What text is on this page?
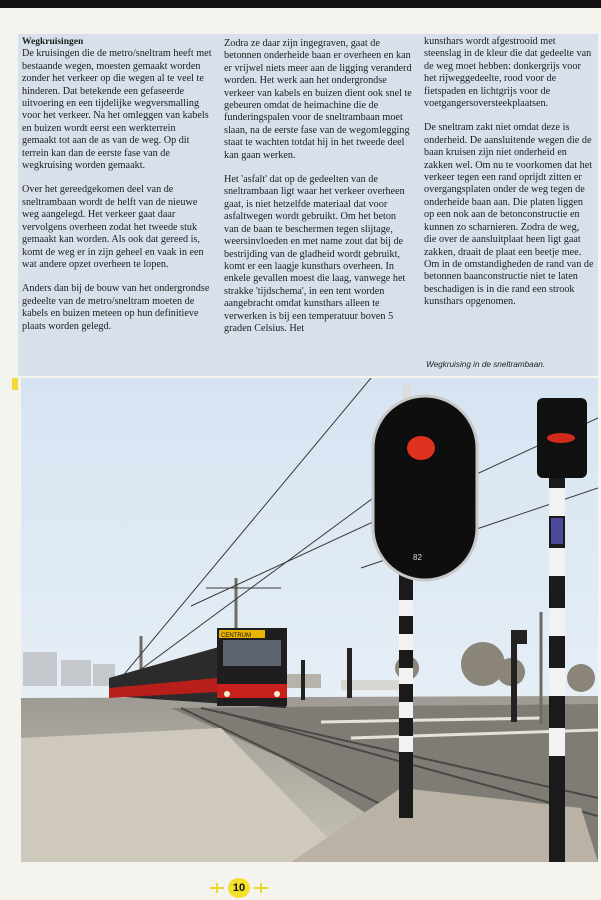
Wegkruisingen
De kruisingen die de metro/sneltram heeft met bestaande wegen, moesten gemaakt worden zonder het verkeer op die wegen al te veel te hinderen. Dat betekende een gefaseerde uitvoering en een tijdelijke wegversmalling voor het verkeer. Na het omleggen van kabels en buizen wordt eerst een werkterrein gemaakt tot aan de as van de weg. Op dit terrein kan dan de eerste fase van de wegkruising worden gemaakt.

Over het gereedgekomen deel van de sneltrambaan wordt de helft van de nieuwe weg aangelegd. Het verkeer gaat daar vervolgens overheen zodat het tweede stuk gemaakt kan worden. Als ook dat gereed is, komt de weg er in zijn geheel en vaak in een wat andere opzet overheen te lopen.

Anders dan bij de bouw van het ondergrondse gedeelte van de metro/sneltram moeten de kabels en buizen meteen op hun definitieve plaats worden gelegd.

Zodra ze daar zijn ingegraven, gaat de betonnen onderheide baan er overheen en kan er vrijwel niets meer aan de ligging veranderd worden. Het werk aan het ondergrondse verkeer van kabels en buizen dient ook snel te gebeuren omdat de heimachine die de funderingspalen voor de sneltrambaan moet slaan, na de eerste fase van de wegomlegging staat te wachten totdat hij in het tweede deel kan gaan werken.

Het 'asfalt' dat op de gedeelten van de sneltrambaan ligt waar het verkeer overheen gaat, is niet hetzelfde materiaal dat voor asfaltwegen wordt gebruikt. Om het beton van de baan te beschermen tegen slijtage, weersinvloeden en met name zout dat bij de bestrijding van de gladheid wordt gebruikt, komt er een laagje kunsthars overheen. In enkele gevallen moest die laag, vanwege het strakke 'tijdschema', in een tent worden aangebracht omdat kunsthars alleen te verwerken is bij een temperatuur boven 5 graden Celsius. Het

kunsthars wordt afgestrooid met steenslag in de kleur die dat gedeelte van de weg moet hebben: donkergrijs voor het rijweggedeelte, rood voor de fietspaden en lichtgrijs voor de voetgangersoversteekplaatsen.

De sneltram zakt niet omdat deze is onderheid. De aansluitende wegen die de baan kruisen zijn niet onderheid en zakken wel. Om nu te voorkomen dat het verkeer tegen een rand oprijdt zitten er overgangsplaten onder de weg tegen de onderheide baan aan. Die platen liggen op een nok aan de betonconstructie en kunnen zo scharnieren. Zodra de weg, die over de aansluitplaat heen ligt gaat zakken, draait de plaat een beetje mee. Om in de omstandigheden de rand van de betonnen baanconstructie niet te laten beschadigen is in die rand een strook kunsthars opgenomen.

Wegkruising in de sneltrambaan.
CENTRUM
82
10
